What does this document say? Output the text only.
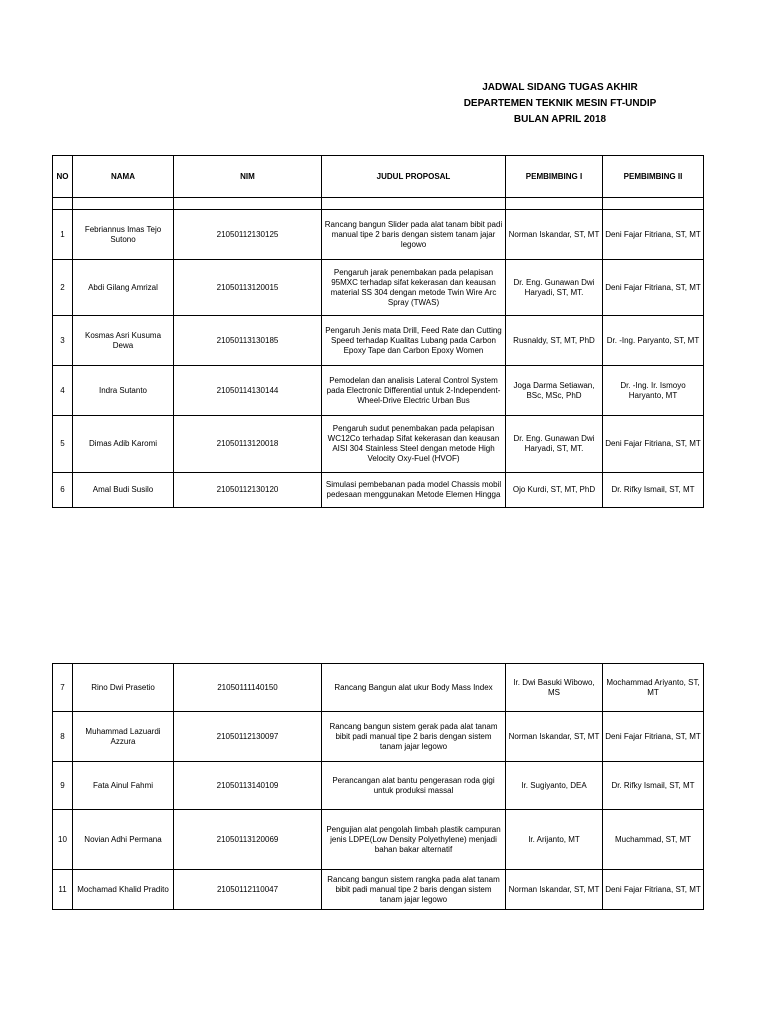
JADWAL SIDANG TUGAS AKHIR
DEPARTEMEN TEKNIK MESIN FT-UNDIP
BULAN APRIL 2018
NO	NAMA	NIM	JUDUL PROPOSAL	PEMBIMBING I	PEMBIMBING II

1	Febriannus Imas Tejo Sutono	21050112130125	Rancang bangun Slider pada alat tanam bibit padi manual tipe 2 baris dengan sistem tanam jajar legowo	Norman Iskandar, ST, MT	Deni Fajar Fitriana, ST, MT
2	Abdi Gilang Amrizal	21050113120015	Pengaruh jarak penembakan pada pelapisan 95MXC terhadap sifat kekerasan dan keausan material SS 304 dengan metode Twin Wire Arc Spray (TWAS)	Dr. Eng. Gunawan Dwi Haryadi, ST, MT.	Deni Fajar Fitriana, ST, MT
3	Kosmas Asri Kusuma Dewa	21050113130185	Pengaruh Jenis mata Drill, Feed Rate dan Cutting Speed terhadap Kualitas Lubang pada Carbon Epoxy Tape dan Carbon Epoxy Women	Rusnaldy, ST, MT, PhD	Dr. -Ing. Paryanto, ST, MT
4	Indra Sutanto	21050114130144	Pemodelan dan analisis Lateral Control System pada Electronic Differential untuk 2-Independent-Wheel-Drive Electric Urban Bus	Joga Darma Setiawan, BSc, MSc, PhD	Dr. -Ing. Ir. Ismoyo Haryanto, MT
5	Dimas Adib Karomi	21050113120018	Pengaruh sudut penembakan pada pelapisan WC12Co terhadap Sifat kekerasan dan keausan AISI 304 Stainless Steel dengan metode High Velocity Oxy-Fuel (HVOF)	Dr. Eng. Gunawan Dwi Haryadi, ST, MT.	Deni Fajar Fitriana, ST, MT
6	Amal Budi Susilo	21050112130120	Simulasi pembebanan pada model Chassis mobil pedesaan menggunakan Metode Elemen Hingga	Ojo Kurdi, ST, MT, PhD	Dr. Rifky Ismail, ST, MT
7	Rino Dwi Prasetio	21050111140150	Rancang Bangun alat ukur Body Mass Index	Ir. Dwi Basuki Wibowo, MS	Mochammad Ariyanto, ST, MT
8	Muhammad Lazuardi Azzura	21050112130097	Rancang bangun sistem gerak pada alat tanam bibit padi manual tipe 2 baris dengan sistem tanam jajar legowo	Norman Iskandar, ST, MT	Deni Fajar Fitriana, ST, MT
9	Fata Ainul Fahmi	21050113140109	Perancangan alat bantu pengerasan roda gigi untuk produksi massal	Ir. Sugiyanto, DEA	Dr. Rifky Ismail, ST, MT
10	Novian Adhi Permana	21050113120069	Pengujian alat pengolah limbah plastik campuran jenis LDPE(Low Density Polyethylene) menjadi bahan bakar alternatif	Ir. Arijanto, MT	Muchammad, ST, MT
11	Mochamad Khalid Pradito	21050112110047	Rancang bangun sistem rangka pada alat tanam bibit padi manual tipe 2 baris dengan sistem tanam jajar legowo	Norman Iskandar, ST, MT	Deni Fajar Fitriana, ST, MT
